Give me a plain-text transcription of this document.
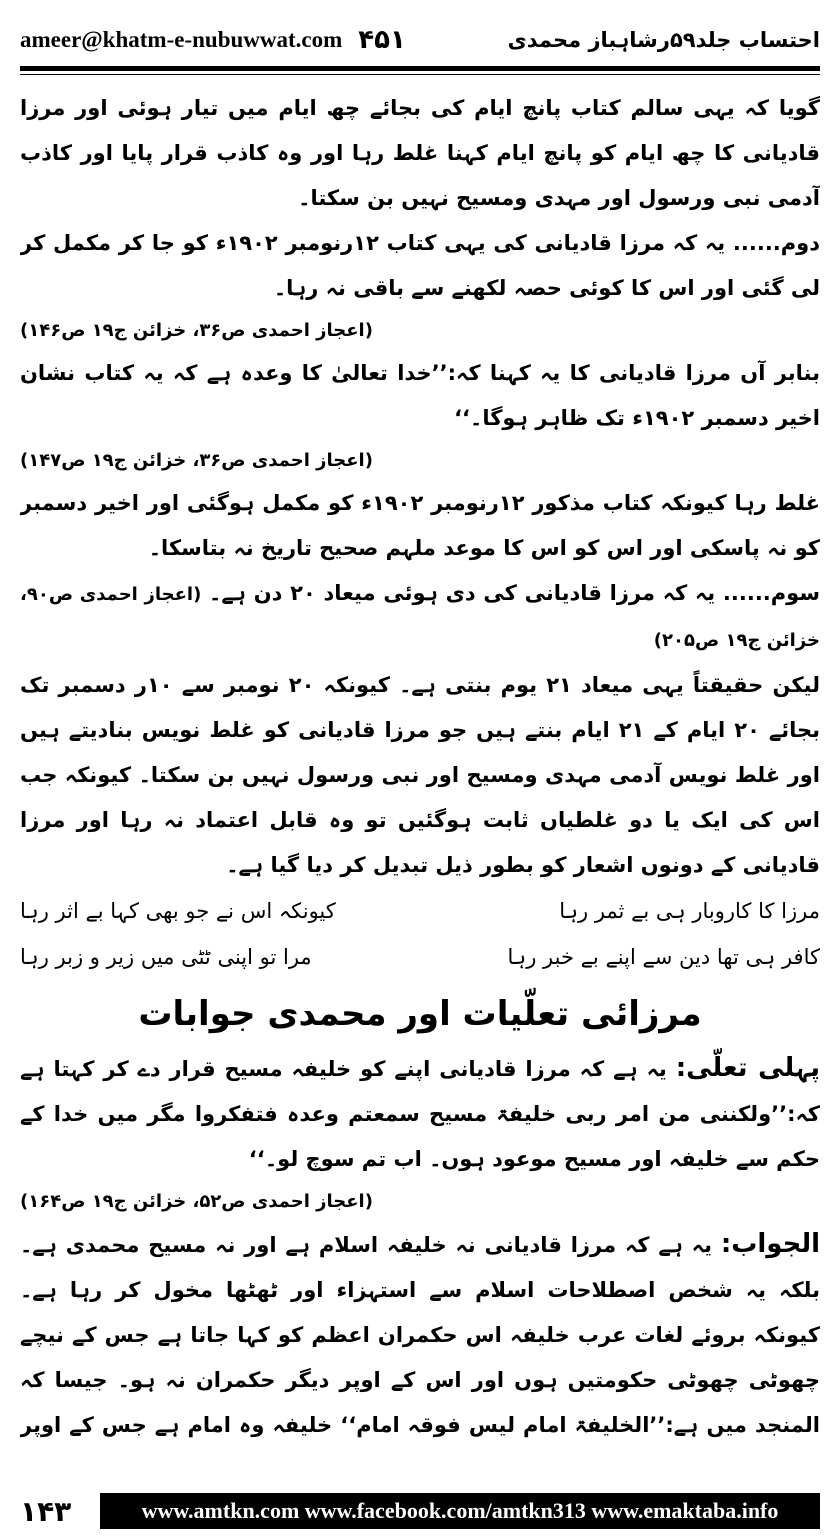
ameer@khatm-e-nubuwwat.com ۴۵۱	احتساب جلد۵۹رشاہباز محمدی

گویا کہ یہی سالم کتاب پانچ ایام کی بجائے چھ ایام میں تیار ہوئی اور مرزا قادیانی کا چھ ایام کو پانچ ایام کہنا غلط رہا اور وہ کاذب قرار پایا اور کاذب آدمی نبی ورسول اور مہدی ومسیح نہیں بن سکتا۔

دوم...... یہ کہ مرزا قادیانی کی یہی کتاب ۱۲رنومبر ۱۹۰۲ء کو جا کر مکمل کر لی گئی اور اس کا کوئی حصہ لکھنے سے باقی نہ رہا۔

(اعجاز احمدی ص۳۶، خزائن ج۱۹ ص۱۴۶)

بنابر آں مرزا قادیانی کا یہ کہنا کہ:’’خدا تعالیٰ کا وعدہ ہے کہ یہ کتاب نشان اخیر دسمبر ۱۹۰۲ء تک ظاہر ہوگا۔‘‘

(اعجاز احمدی ص۳۶، خزائن ج۱۹ ص۱۴۷)

غلط رہا کیونکہ کتاب مذکور ۱۲رنومبر ۱۹۰۲ء کو مکمل ہوگئی اور اخیر دسمبر کو نہ پاسکی اور اس کو اس کا موعد ملہم صحیح تاریخ نہ بتاسکا۔

سوم...... یہ کہ مرزا قادیانی کی دی ہوئی میعاد ۲۰ دن ہے۔ (اعجاز احمدی ص۹۰، خزائن ج۱۹ ص۲۰۵)

لیکن حقیقتاً یہی میعاد ۲۱ یوم بنتی ہے۔ کیونکہ ۲۰ نومبر سے ۱۰ر دسمبر تک بجائے ۲۰ ایام کے ۲۱ ایام بنتے ہیں جو مرزا قادیانی کو غلط نویس بنادیتے ہیں اور غلط نویس آدمی مہدی ومسیح اور نبی ورسول نہیں بن سکتا۔ کیونکہ جب اس کی ایک یا دو غلطیاں ثابت ہوگئیں تو وہ قابل اعتماد نہ رہا اور مرزا قادیانی کے دونوں اشعار کو بطور ذیل تبدیل کر دیا گیا ہے۔

مرزا کا کاروبار ہی بے ثمر رہا
کیونکہ اس نے جو بھی کہا بے اثر رہا
کافر ہی تھا دین سے اپنے بے خبر رہا
مرا تو اپنی ٹٹی میں زیر و زبر رہا
مرزائی تعلّیات اور محمدی جوابات

پہلی تعلّی: یہ ہے کہ مرزا قادیانی اپنے کو خلیفہ مسیح قرار دے کر کہتا ہے کہ:’’ولکننی من امر ربی خلیفۃ مسیح سمعتم وعدہ فتفکروا مگر میں خدا کے حکم سے خلیفہ اور مسیح موعود ہوں۔ اب تم سوچ لو۔‘‘

(اعجاز احمدی ص۵۲، خزائن ج۱۹ ص۱۶۴)

الجواب: یہ ہے کہ مرزا قادیانی نہ خلیفہ اسلام ہے اور نہ مسیح محمدی ہے۔ بلکہ یہ شخص اصطلاحات اسلام سے استہزاء اور ٹھٹھا مخول کر رہا ہے۔ کیونکہ بروئے لغات عرب خلیفہ اس حکمران اعظم کو کہا جاتا ہے جس کے نیچے چھوٹی چھوٹی حکومتیں ہوں اور اس کے اوپر دیگر حکمران نہ ہو۔ جیسا کہ المنجد میں ہے:’’الخلیفۃ امام لیس فوقہ امام‘‘ خلیفہ وہ امام ہے جس کے اوپر

۱۴۳	www.amtkn.com www.facebook.com/amtkn313 www.emaktaba.info
